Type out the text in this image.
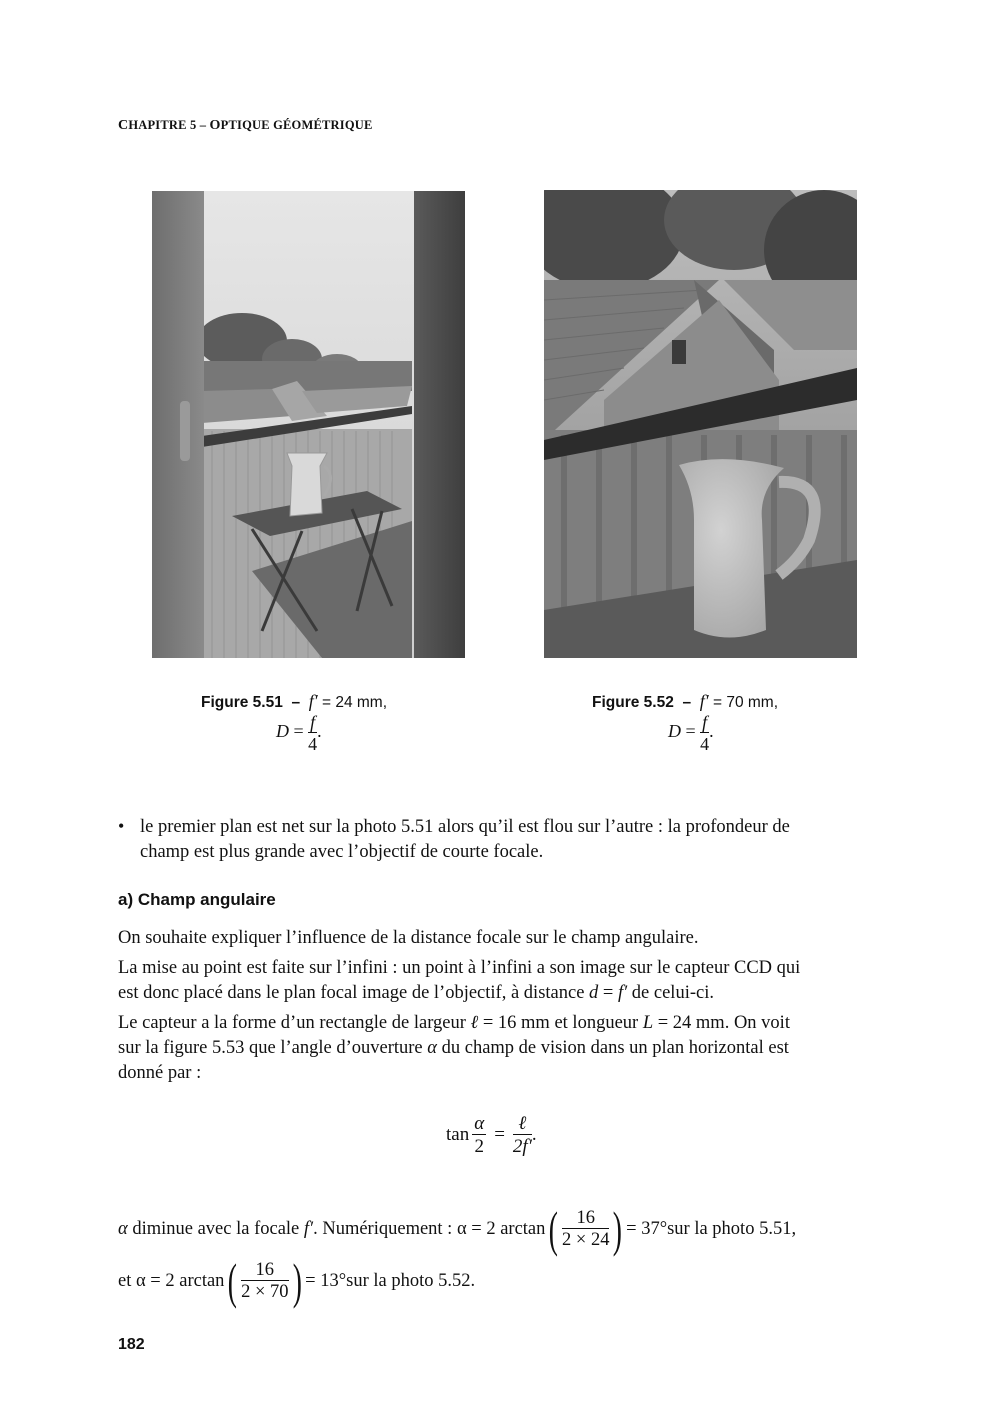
CHAPITRE 5 – OPTIQUE GÉOMÉTRIQUE
Figure 5.51 – f′ = 24 mm,
$D = \frac{f}{4}$ .
Figure 5.52 – f′ = 70 mm,
$D = \frac{f}{4}$ .
• le premier plan est net sur la photo 5.51 alors qu’il est flou sur l’autre : la profondeur de
champ est plus grande avec l’objectif de courte focale.
a) Champ angulaire
On souhaite expliquer l’influence de la distance focale sur le champ angulaire.
La mise au point est faite sur l’infini : un point à l’infini a son image sur le capteur CCD qui
est donc placé dans le plan focal image de l’objectif, à distance d = f′ de celui-ci.
Le capteur a la forme d’un rectangle de largeur ℓ = 16 mm et longueur L = 24 mm. On voit
sur la figure 5.53 que l’angle d’ouverture α du champ de vision dans un plan horizontal est
donné par :
$\tan \frac{\alpha}{2} = \frac{\text{ℓ}}{2f'}$ .
α diminue avec la focale f′ . Numériquement : α = 2 arctan ( $\frac{16}{2 \times 24}$ ) = 37°sur la photo 5.51,
et α = 2 arctan ( $\frac{16}{2 \times 70}$ ) = 13°sur la photo 5.52.
182
